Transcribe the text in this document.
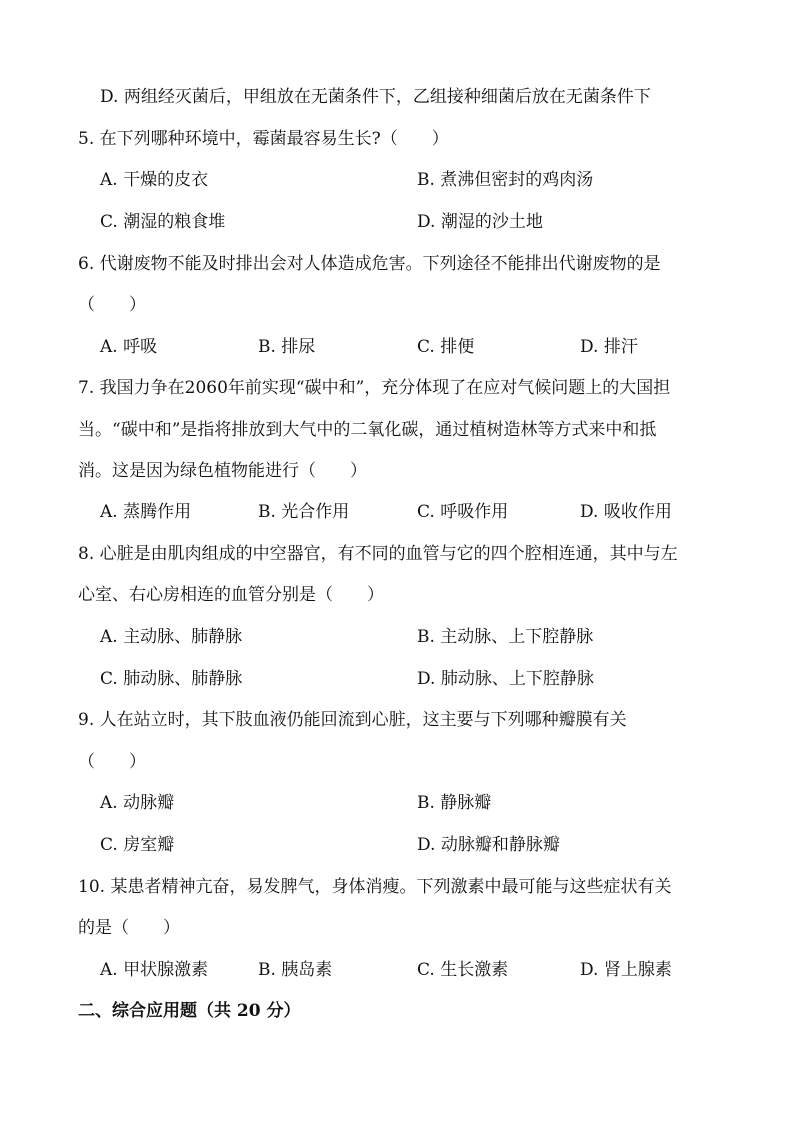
D. 两组经灭菌后，甲组放在无菌条件下，乙组接种细菌后放在无菌条件下
5. 在下列哪种环境中，霉菌最容易生长?（　　）
A. 干燥的皮衣	B. 煮沸但密封的鸡肉汤
C. 潮湿的粮食堆	D. 潮湿的沙土地
6. 代谢废物不能及时排出会对人体造成危害。下列途径不能排出代谢废物的是
（　　）
A. 呼吸	B. 排尿	C. 排便	D. 排汗
7. 我国力争在2060年前实现“碳中和”，充分体现了在应对气候问题上的大国担
当。“碳中和”是指将排放到大气中的二氧化碳，通过植树造林等方式来中和抵
消。这是因为绿色植物能进行（　　）
A. 蒸腾作用	B. 光合作用	C. 呼吸作用	D. 吸收作用
8. 心脏是由肌肉组成的中空器官，有不同的血管与它的四个腔相连通，其中与左
心室、右心房相连的血管分别是（　　）
A. 主动脉、肺静脉	B. 主动脉、上下腔静脉
C. 肺动脉、肺静脉	D. 肺动脉、上下腔静脉
9. 人在站立时，其下肢血液仍能回流到心脏，这主要与下列哪种瓣膜有关
（　　）
A. 动脉瓣	B. 静脉瓣
C. 房室瓣	D. 动脉瓣和静脉瓣
10. 某患者精神亢奋，易发脾气，身体消瘦。下列激素中最可能与这些症状有关
的是（　　）
A. 甲状腺激素	B. 胰岛素	C. 生长激素	D. 肾上腺素
二、综合应用题（共 20 分）
